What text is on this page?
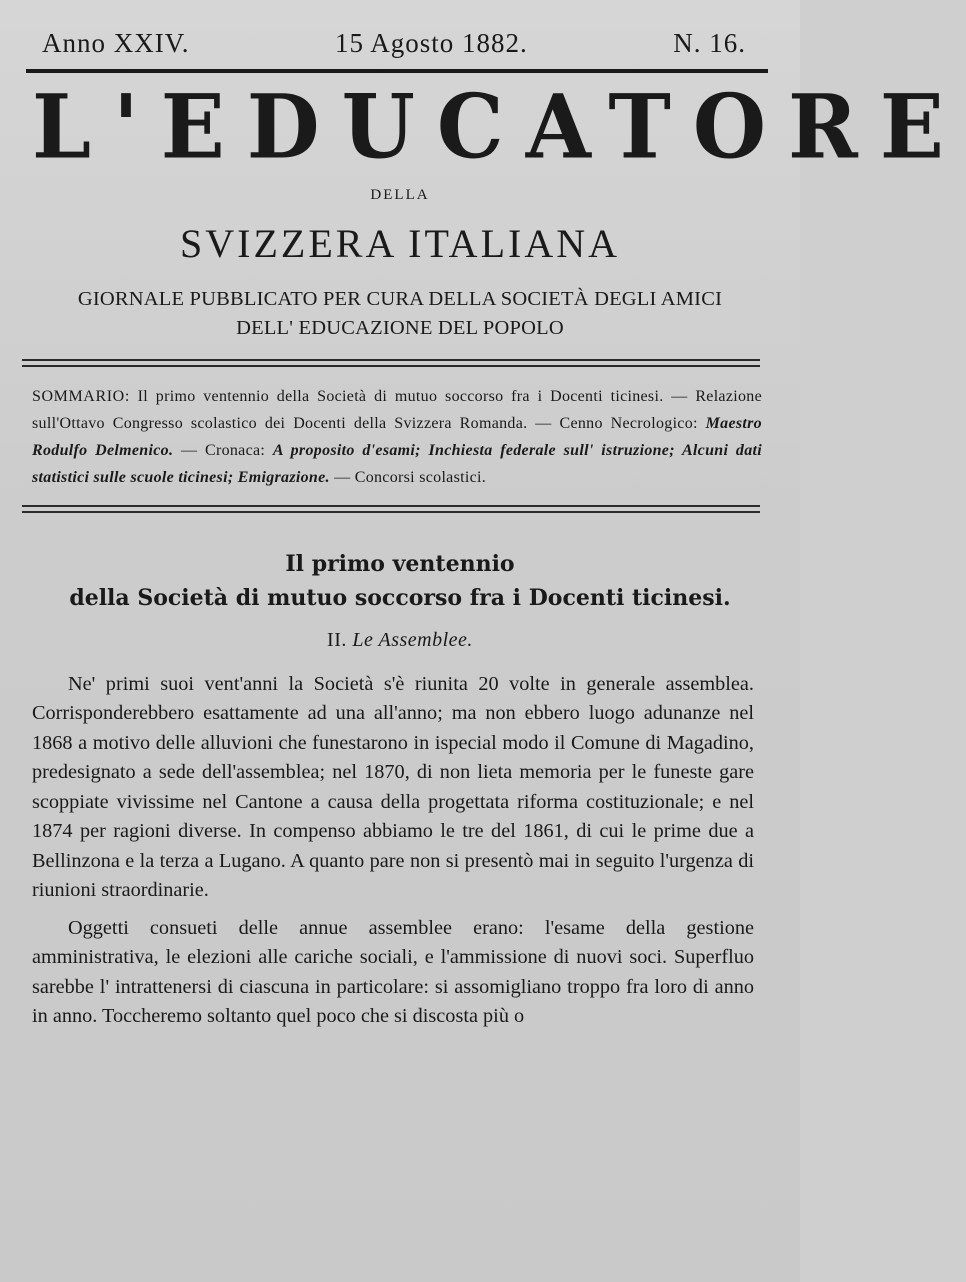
Anno XXIV.	15 Agosto 1882.	N. 16.
L'EDUCATORE
DELLA
SVIZZERA ITALIANA
GIORNALE PUBBLICATO PER CURA DELLA SOCIETÀ DEGLI AMICI
DELL' EDUCAZIONE DEL POPOLO
SOMMARIO: Il primo ventennio della Società di mutuo soccorso fra i Docenti ticinesi. — Relazione sull'Ottavo Congresso scolastico dei Docenti della Svizzera Romanda. — Cenno Necrologico: Maestro Rodulfo Delmenico. — Cronaca: A proposito d'esami; Inchiesta federale sull' istruzione; Alcuni dati statistici sulle scuole ticinesi; Emigrazione. — Concorsi scolastici.
Il primo ventennio
della Società di mutuo soccorso fra i Docenti ticinesi.
II. Le Assemblee.

Ne' primi suoi vent'anni la Società s'è riunita 20 volte in generale assemblea. Corrisponderebbero esattamente ad una all'anno; ma non ebbero luogo adunanze nel 1868 a motivo delle alluvioni che funestarono in ispecial modo il Comune di Magadino, predesignato a sede dell'assemblea; nel 1870, di non lieta memoria per le funeste gare scoppiate vivissime nel Cantone a causa della progettata riforma costituzionale; e nel 1874 per ragioni diverse. In compenso abbiamo le tre del 1861, di cui le prime due a Bellinzona e la terza a Lugano. A quanto pare non si presentò mai in seguito l'urgenza di riunioni straordinarie.

Oggetti consueti delle annue assemblee erano: l'esame della gestione amministrativa, le elezioni alle cariche sociali, e l'ammissione di nuovi soci. Superfluo sarebbe l' intrattenersi di ciascuna in particolare: si assomigliano troppo fra loro di anno in anno. Toccheremo soltanto quel poco che si discosta più o
